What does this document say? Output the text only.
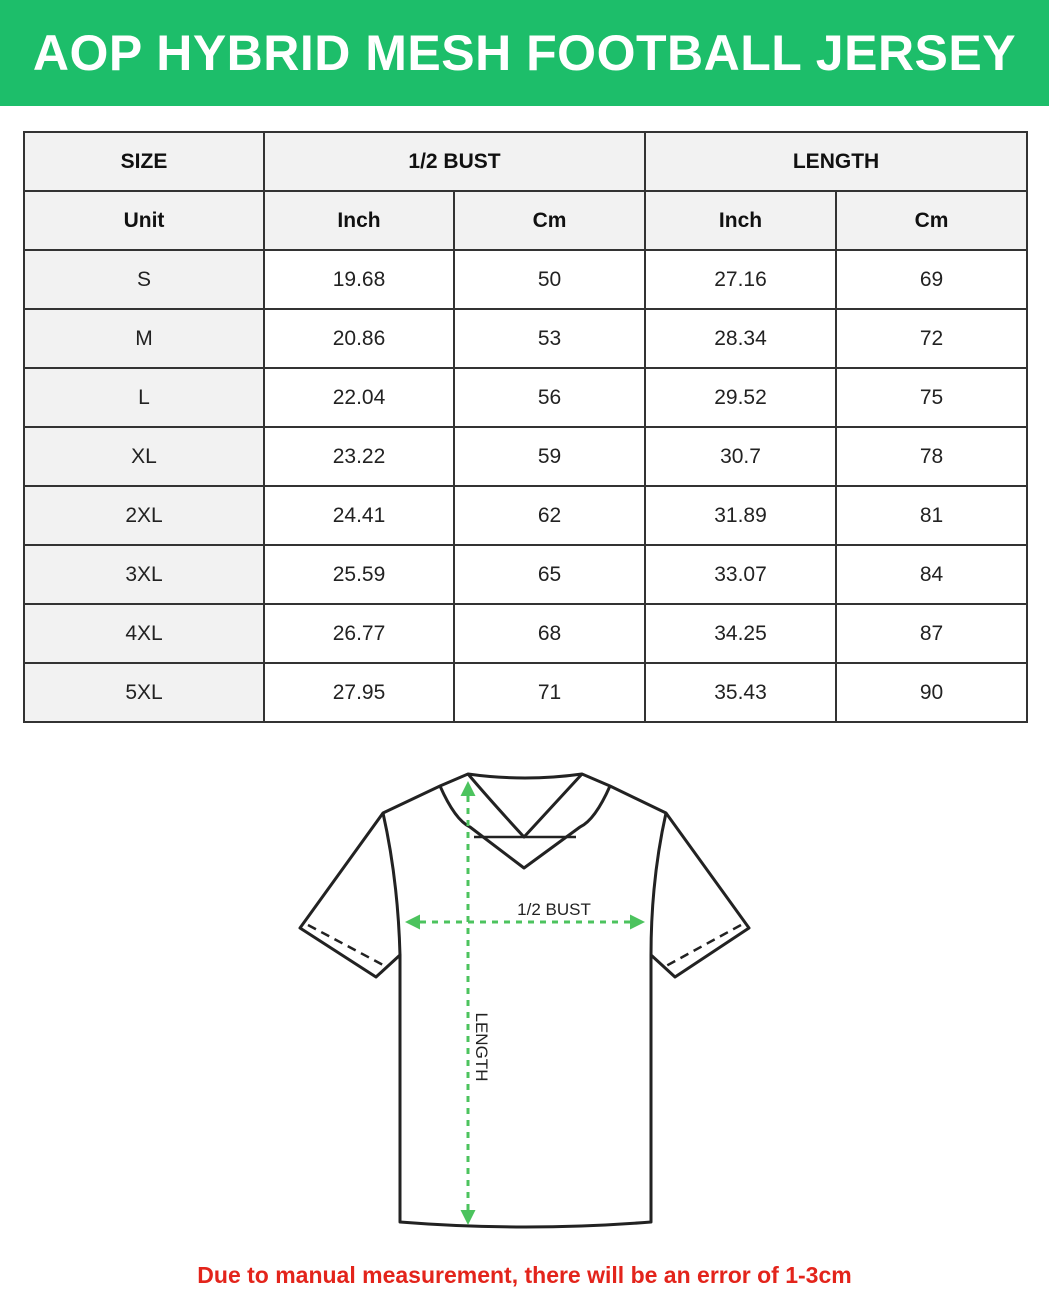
AOP HYBRID MESH FOOTBALL JERSEY
SIZE	1/2 BUST		LENGTH	
Unit	Inch	Cm	Inch	Cm
S	19.68	50	27.16	69
M	20.86	53	28.34	72
L	22.04	56	29.52	75
XL	23.22	59	30.7	78
2XL	24.41	62	31.89	81
3XL	25.59	65	33.07	84
4XL	26.77	68	34.25	87
5XL	27.95	71	35.43	90
1/2 BUST
LENGTH
Due to manual measurement, there will be an error of 1-3cm
